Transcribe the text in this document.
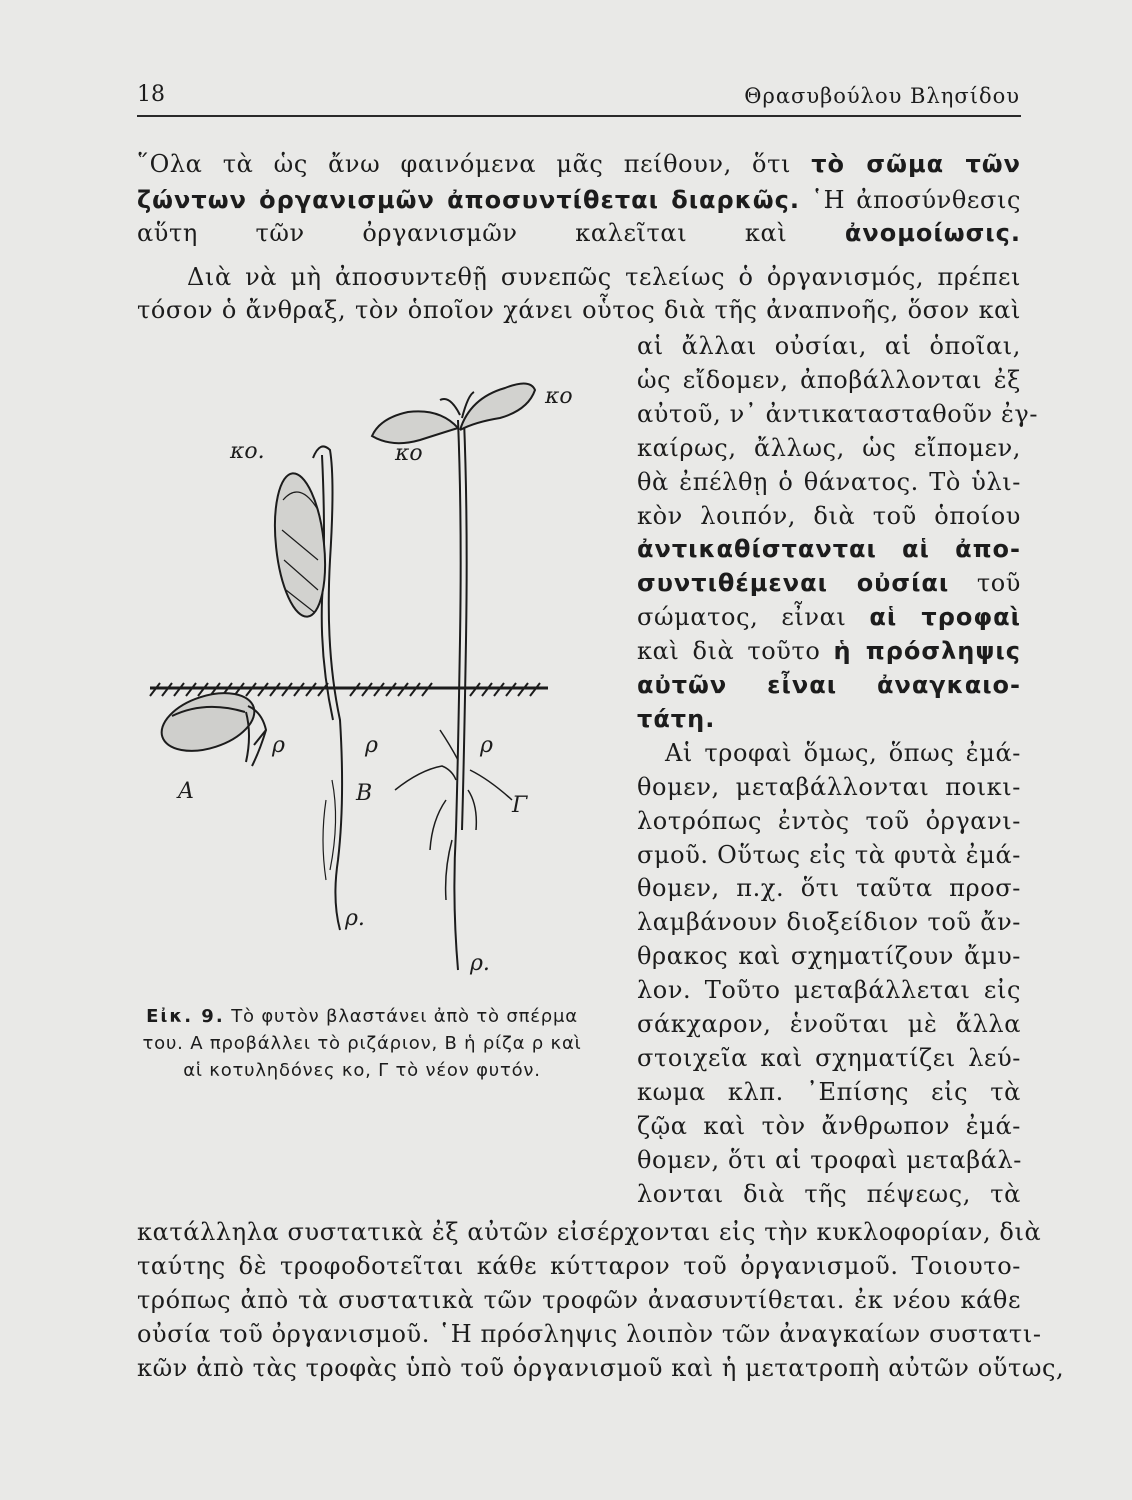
18	Θρασυβούλου Βλησίδου
῞Ολα τὰ ὡς ἄνω φαινόμενα μᾶς πείθουν, ὅτι τὸ σῶμα τῶν
ζώντων ὀργανισμῶν ἀποσυντίθεται διαρκῶς. ῾Η ἀποσύνθεσις
αὕτη τῶν ὀργανισμῶν καλεῖται καὶ ἀνομοίωσις.
Διὰ νὰ μὴ ἀποσυντεθῇ συνεπῶς τελείως ὁ ὀργανισμός, πρέπει
τόσον ὁ ἄνθραξ, τὸν ὁποῖον χάνει οὗτος διὰ τῆς ἀναπνοῆς, ὅσον καὶ
αἱ ἄλλαι οὐσίαι, αἱ ὁποῖαι,
ὡς εἴδομεν, ἀποβάλλονται ἐξ
αὐτοῦ, ν᾿ ἀντικατασταθοῦν ἐγ-
καίρως, ἄλλως, ὡς εἴπομεν,
θὰ ἐπέλθῃ ὁ θάνατος. Τὸ ὑλι-
κὸν λοιπόν, διὰ τοῦ ὁποίου
ἀντικαθίστανται αἱ ἀπο-
συντιθέμεναι οὐσίαι τοῦ
σώματος, εἶναι αἱ τροφαὶ
καὶ διὰ τοῦτο ἡ πρόσληψις
αὐτῶν εἶναι ἀναγκαιο-
τάτη.
Αἱ τροφαὶ ὅμως, ὅπως ἐμά-
θομεν, μεταβάλλονται ποικι-
λοτρόπως ἐντὸς τοῦ ὀργανι-
σμοῦ. Οὕτως εἰς τὰ φυτὰ ἐμά-
θομεν, π.χ. ὅτι ταῦτα προσ-
λαμβάνουν διοξείδιον τοῦ ἄν-
θρακος καὶ σχηματίζουν ἄμυ-
λον. Τοῦτο μεταβάλλεται εἰς
σάκχαρον, ἑνοῦται μὲ ἄλλα
στοιχεῖα καὶ σχηματίζει λεύ-
κωμα κλπ. ᾿Επίσης εἰς τὰ
ζῷα καὶ τὸν ἄνθρωπον ἐμά-
θομεν, ὅτι αἱ τροφαὶ μεταβάλ-
λονται διὰ τῆς πέψεως, τὰ
κατάλληλα συστατικὰ ἐξ αὐτῶν εἰσέρχονται εἰς τὴν κυκλοφορίαν, διὰ
ταύτης δὲ τροφοδοτεῖται κάθε κύτταρον τοῦ ὀργανισμοῦ. Τοιουτο-
τρόπως ἀπὸ τὰ συστατικὰ τῶν τροφῶν ἀνασυντίθεται. ἐκ νέου κάθε
οὐσία τοῦ ὀργανισμοῦ. ῾Η πρόσληψις λοιπὸν τῶν ἀναγκαίων συστατι-
κῶν ἀπὸ τὰς τροφὰς ὑπὸ τοῦ ὀργανισμοῦ καὶ ἡ μετατροπὴ αὐτῶν οὕτως,
κο.	κο
κο
ρ	ρ	ρ
ρ.
ρ.
Α	Β	Γ
Εἰκ. 9. Τὸ φυτὸν βλαστάνει ἀπὸ τὸ σπέρμα του. Α προβάλλει τὸ ριζάριον, Β ἡ ρίζα ρ καὶ αἱ κοτυληδόνες κο, Γ τὸ νέον φυτόν.
